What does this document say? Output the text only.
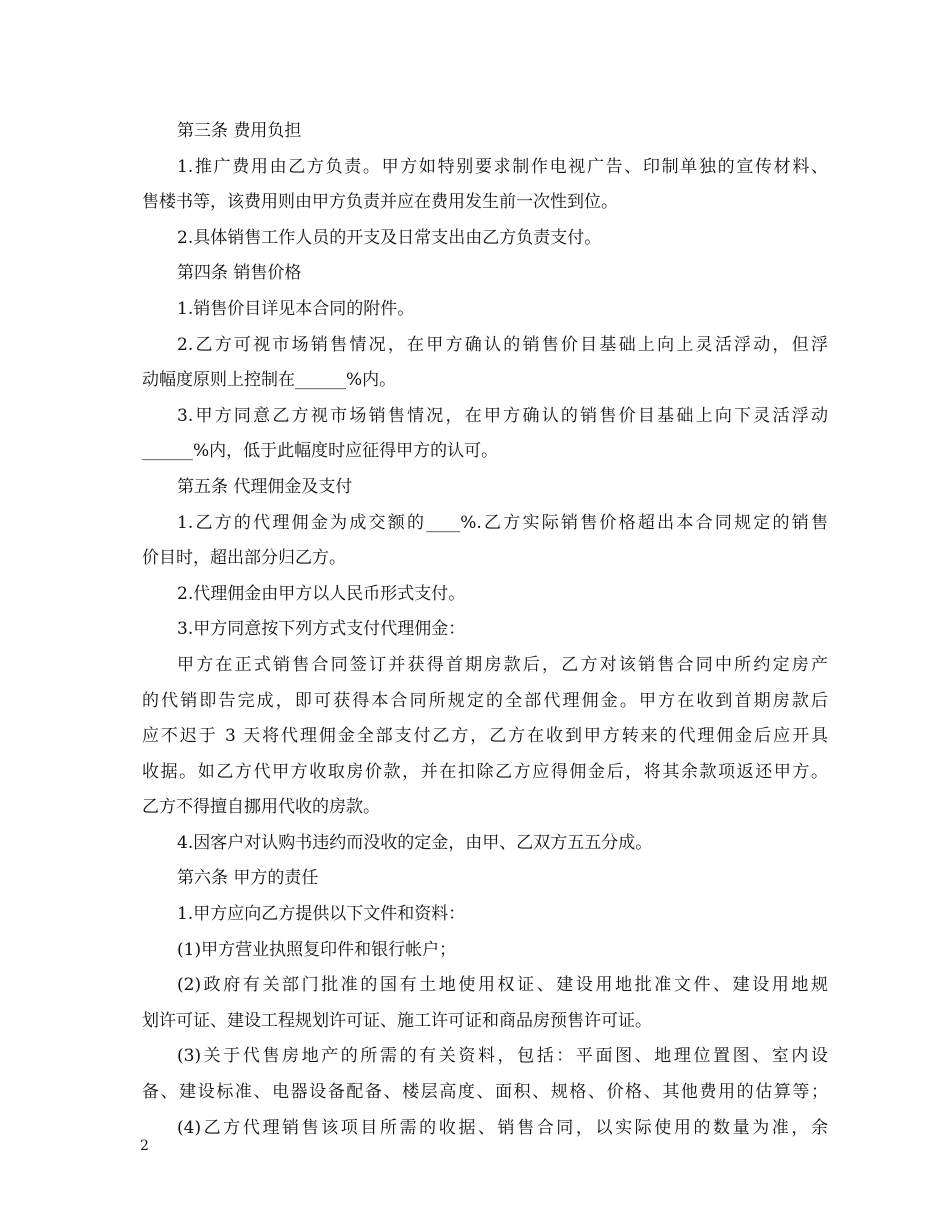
第三条 费用负担
1.推广费用由乙方负责。甲方如特别要求制作电视广告、印制单独的宣传材料、
售楼书等，该费用则由甲方负责并应在费用发生前一次性到位。
2.具体销售工作人员的开支及日常支出由乙方负责支付。
第四条 销售价格
1.销售价目详见本合同的附件。
2.乙方可视市场销售情况，在甲方确认的销售价目基础上向上灵活浮动，但浮
动幅度原则上控制在______%内。
3.甲方同意乙方视市场销售情况，在甲方确认的销售价目基础上向下灵活浮动
______%内，低于此幅度时应征得甲方的认可。
第五条 代理佣金及支付
1.乙方的代理佣金为成交额的____%.乙方实际销售价格超出本合同规定的销售
价目时，超出部分归乙方。
2.代理佣金由甲方以人民币形式支付。
3.甲方同意按下列方式支付代理佣金：
甲方在正式销售合同签订并获得首期房款后，乙方对该销售合同中所约定房产
的代销即告完成，即可获得本合同所规定的全部代理佣金。甲方在收到首期房款后
应不迟于 3 天将代理佣金全部支付乙方，乙方在收到甲方转来的代理佣金后应开具
收据。如乙方代甲方收取房价款，并在扣除乙方应得佣金后，将其余款项返还甲方。
乙方不得擅自挪用代收的房款。
4.因客户对认购书违约而没收的定金，由甲、乙双方五五分成。
第六条 甲方的责任
1.甲方应向乙方提供以下文件和资料：
(1)甲方营业执照复印件和银行帐户；
(2)政府有关部门批准的国有土地使用权证、建设用地批准文件、建设用地规
划许可证、建设工程规划许可证、施工许可证和商品房预售许可证。
(3)关于代售房地产的所需的有关资料，包括：平面图、地理位置图、室内设
备、建设标准、电器设备配备、楼层高度、面积、规格、价格、其他费用的估算等；
(4)乙方代理销售该项目所需的收据、销售合同，以实际使用的数量为准，余
2
